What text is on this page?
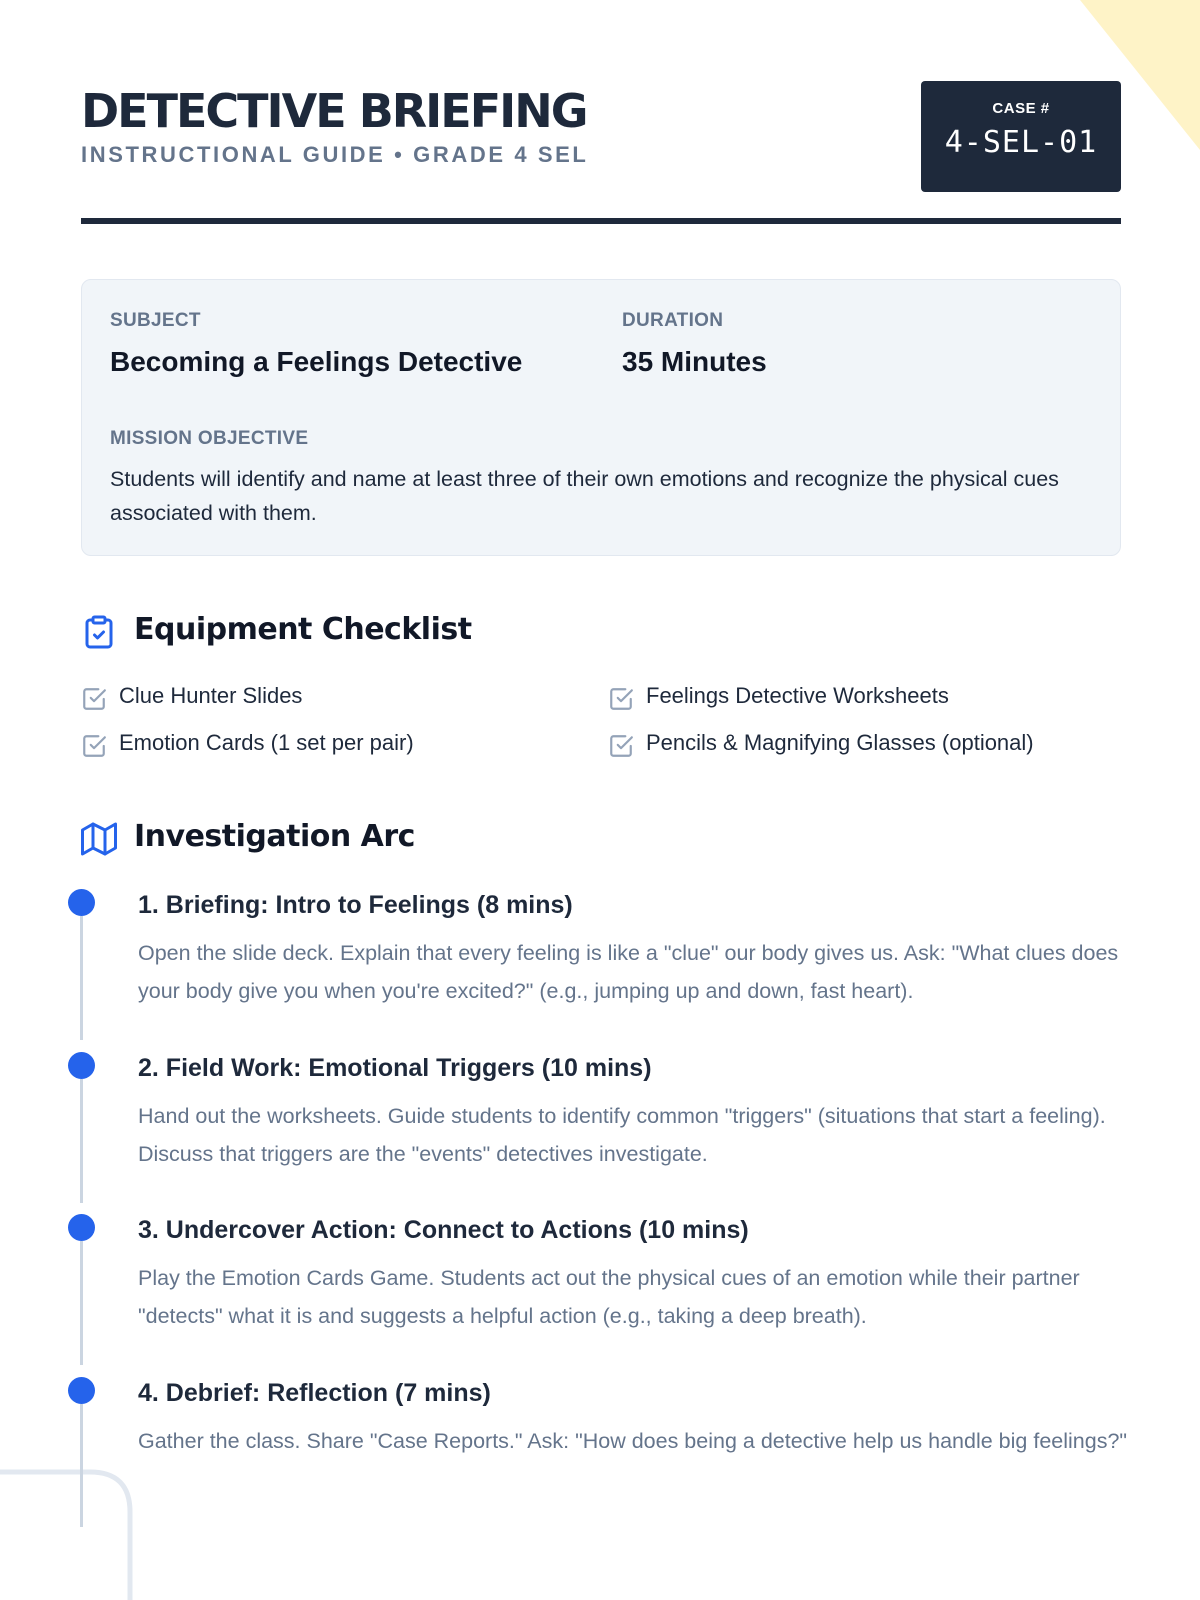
DETECTIVE BRIEFING
INSTRUCTIONAL GUIDE • GRADE 4 SEL
CASE #
4-SEL-01
SUBJECT
Becoming a Feelings Detective
DURATION
35 Minutes
MISSION OBJECTIVE
Students will identify and name at least three of their own emotions and recognize the physical cues associated with them.
Equipment Checklist
Clue Hunter Slides	Feelings Detective Worksheets
Emotion Cards (1 set per pair)	Pencils & Magnifying Glasses (optional)
Investigation Arc
1. Briefing: Intro to Feelings (8 mins)
Open the slide deck. Explain that every feeling is like a "clue" our body gives us. Ask: "What clues does your body give you when you're excited?" (e.g., jumping up and down, fast heart).
2. Field Work: Emotional Triggers (10 mins)
Hand out the worksheets. Guide students to identify common "triggers" (situations that start a feeling). Discuss that triggers are the "events" detectives investigate.
3. Undercover Action: Connect to Actions (10 mins)
Play the Emotion Cards Game. Students act out the physical cues of an emotion while their partner "detects" what it is and suggests a helpful action (e.g., taking a deep breath).
4. Debrief: Reflection (7 mins)
Gather the class. Share "Case Reports." Ask: "How does being a detective help us handle big feelings?"
